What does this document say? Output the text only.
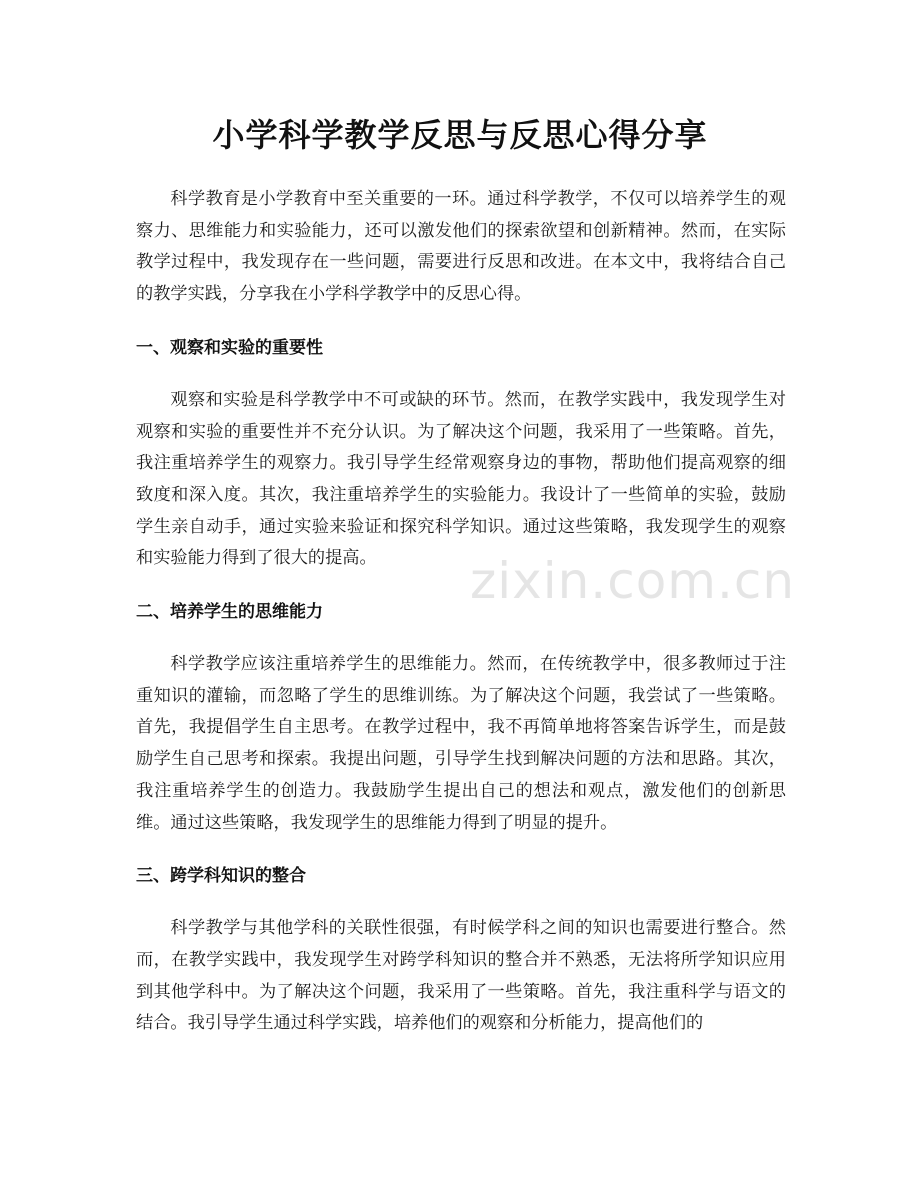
小学科学教学反思与反思心得分享

科学教育是小学教育中至关重要的一环。通过科学教学，不仅可以培养学生的观察力、思维能力和实验能力，还可以激发他们的探索欲望和创新精神。然而，在实际教学过程中，我发现存在一些问题，需要进行反思和改进。在本文中，我将结合自己的教学实践，分享我在小学科学教学中的反思心得。

一、观察和实验的重要性

观察和实验是科学教学中不可或缺的环节。然而，在教学实践中，我发现学生对观察和实验的重要性并不充分认识。为了解决这个问题，我采用了一些策略。首先，我注重培养学生的观察力。我引导学生经常观察身边的事物，帮助他们提高观察的细致度和深入度。其次，我注重培养学生的实验能力。我设计了一些简单的实验，鼓励学生亲自动手，通过实验来验证和探究科学知识。通过这些策略，我发现学生的观察和实验能力得到了很大的提高。

二、培养学生的思维能力

科学教学应该注重培养学生的思维能力。然而，在传统教学中，很多教师过于注重知识的灌输，而忽略了学生的思维训练。为了解决这个问题，我尝试了一些策略。首先，我提倡学生自主思考。在教学过程中，我不再简单地将答案告诉学生，而是鼓励学生自己思考和探索。我提出问题，引导学生找到解决问题的方法和思路。其次，我注重培养学生的创造力。我鼓励学生提出自己的想法和观点，激发他们的创新思维。通过这些策略，我发现学生的思维能力得到了明显的提升。

三、跨学科知识的整合

科学教学与其他学科的关联性很强，有时候学科之间的知识也需要进行整合。然而，在教学实践中，我发现学生对跨学科知识的整合并不熟悉，无法将所学知识应用到其他学科中。为了解决这个问题，我采用了一些策略。首先，我注重科学与语文的结合。我引导学生通过科学实践，培养他们的观察和分析能力，提高他们的

zixin.com.cn
